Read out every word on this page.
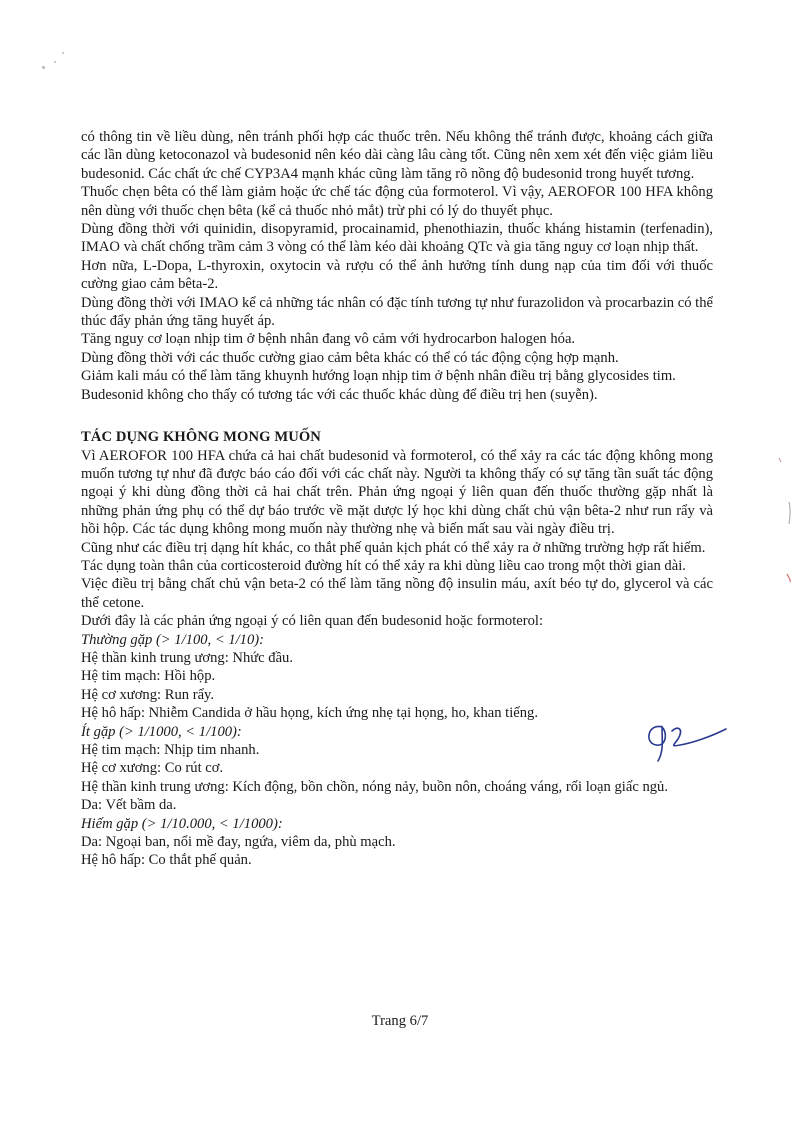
có thông tin về liều dùng, nên tránh phối hợp các thuốc trên. Nếu không thể tránh được, khoảng cách giữa các lần dùng ketoconazol và budesonid nên kéo dài càng lâu càng tốt. Cũng nên xem xét đến việc giảm liều budesonid. Các chất ức chế CYP3A4 mạnh khác cũng làm tăng rõ nồng độ budesonid trong huyết tương.

Thuốc chẹn bêta có thể làm giảm hoặc ức chế tác động của formoterol. Vì vậy, AEROFOR 100 HFA không nên dùng với thuốc chẹn bêta (kể cả thuốc nhỏ mắt) trừ phi có lý do thuyết phục.

Dùng đồng thời với quinidin, disopyramid, procainamid, phenothiazin, thuốc kháng histamin (terfenadin), IMAO và chất chống trầm cảm 3 vòng có thể làm kéo dài khoảng QTc và gia tăng nguy cơ loạn nhịp thất.

Hơn nữa, L-Dopa, L-thyroxin, oxytocin và rượu có thể ảnh hưởng tính dung nạp của tim đối với thuốc cường giao cảm bêta-2.

Dùng đồng thời với IMAO kể cả những tác nhân có đặc tính tương tự như furazolidon và procarbazin có thể thúc đẩy phản ứng tăng huyết áp.

Tăng nguy cơ loạn nhịp tim ở bệnh nhân đang vô cảm với hydrocarbon halogen hóa.

Dùng đồng thời với các thuốc cường giao cảm bêta khác có thể có tác động cộng hợp mạnh.

Giảm kali máu có thể làm tăng khuynh hướng loạn nhịp tim ở bệnh nhân điều trị bằng glycosides tim.

Budesonid không cho thấy có tương tác với các thuốc khác dùng để điều trị hen (suyễn).

TÁC DỤNG KHÔNG MONG MUỐN

Vì AEROFOR 100 HFA chứa cả hai chất budesonid và formoterol, có thể xảy ra các tác động không mong muốn tương tự như đã được báo cáo đối với các chất này. Người ta không thấy có sự tăng tần suất tác động ngoại ý khi dùng đồng thời cả hai chất trên. Phản ứng ngoại ý liên quan đến thuốc thường gặp nhất là những phản ứng phụ có thể dự báo trước về mặt dược lý học khi dùng chất chủ vận bêta-2 như run rẩy và hồi hộp. Các tác dụng không mong muốn này thường nhẹ và biến mất sau vài ngày điều trị.

Cũng như các điều trị dạng hít khác, co thắt phế quản kịch phát có thể xảy ra ở những trường hợp rất hiếm.

Tác dụng toàn thân của corticosteroid đường hít có thể xảy ra khi dùng liều cao trong một thời gian dài.

Việc điều trị bằng chất chủ vận beta-2 có thể làm tăng nồng độ insulin máu, axít béo tự do, glycerol và các thể cetone.

Dưới đây là các phản ứng ngoại ý có liên quan đến budesonid hoặc formoterol:

Thường gặp (> 1/100, < 1/10):

Hệ thần kinh trung ương: Nhức đầu.

Hệ tim mạch: Hồi hộp.

Hệ cơ xương: Run rẩy.

Hệ hô hấp: Nhiễm Candida ở hầu họng, kích ứng nhẹ tại họng, ho, khan tiếng.

Ít gặp (> 1/1000, < 1/100):

Hệ tim mạch: Nhịp tim nhanh.

Hệ cơ xương: Co rút cơ.

Hệ thần kinh trung ương: Kích động, bồn chồn, nóng nảy, buồn nôn, choáng váng, rối loạn giấc ngủ.

Da: Vết bầm da.

Hiếm gặp (> 1/10.000, < 1/1000):

Da: Ngoại ban, nổi mề đay, ngứa, viêm da, phù mạch.

Hệ hô hấp: Co thắt phế quản.

Trang 6/7
